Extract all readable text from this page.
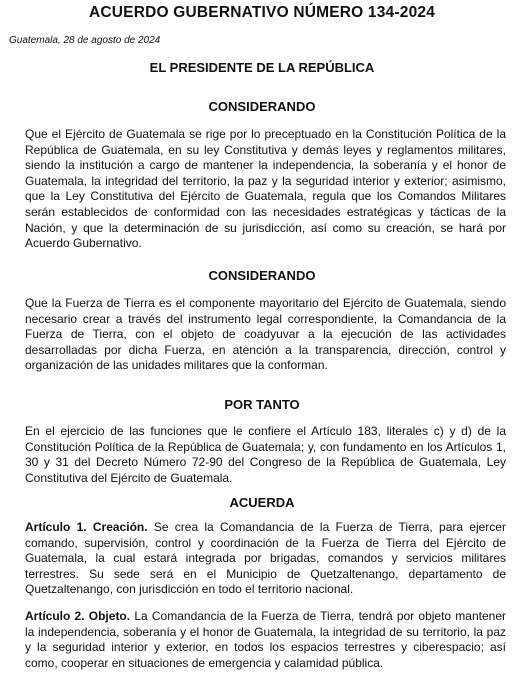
ACUERDO GUBERNATIVO NÚMERO 134-2024

Guatemala, 28 de agosto de 2024

EL PRESIDENTE DE LA REPÚBLICA
CONSIDERANDO

Que el Ejército de Guatemala se rige por lo preceptuado en la Constitución Política de la República de Guatemala, en su ley Constitutiva y demás leyes y reglamentos militares, siendo la institución a cargo de mantener la independencia, la soberanía y el honor de Guatemala, la integridad del territorio, la paz y la seguridad interior y exterior; asimismo, que la Ley Constitutiva del Ejército de Guatemala, regula que los Comandos Militares serán establecidos de conformidad con las necesidades estratégicas y tácticas de la Nación, y que la determinación de su jurisdicción, así como su creación, se hará por Acuerdo Gubernativo.

CONSIDERANDO

Que la Fuerza de Tierra es el componente mayoritario del Ejército de Guatemala, siendo necesario crear a través del instrumento legal correspondiente, la Comandancia de la Fuerza de Tierra, con el objeto de coadyuvar a la ejecución de las actividades desarrolladas por dicha Fuerza, en atención a la transparencia, dirección, control y organización de las unidades militares que la conforman.

POR TANTO

En el ejercicio de las funciones que le confiere el Artículo 183, literales c) y d) de la Constitución Política de la República de Guatemala; y, con fundamento en los Artículos 1, 30 y 31 del Decreto Número 72-90 del Congreso de la República de Guatemala, Ley Constitutiva del Ejército de Guatemala.

ACUERDA

Artículo 1. Creación. Se crea la Comandancia de la Fuerza de Tierra, para ejercer comando, supervisión, control y coordinación de la Fuerza de Tierra del Ejército de Guatemala, la cual estará integrada por brigadas, comandos y servicios militares terrestres. Su sede será en el Municipio de Quetzaltenango, departamento de Quetzaltenango, con jurisdicción en todo el territorio nacional.

Artículo 2. Objeto. La Comandancia de la Fuerza de Tierra, tendrá por objeto mantener la independencia, soberanía y el honor de Guatemala, la integridad de su territorio, la paz y la seguridad interior y exterior, en todos los espacios terrestres y ciberespacio; así como, cooperar en situaciones de emergencia y calamidad pública.
